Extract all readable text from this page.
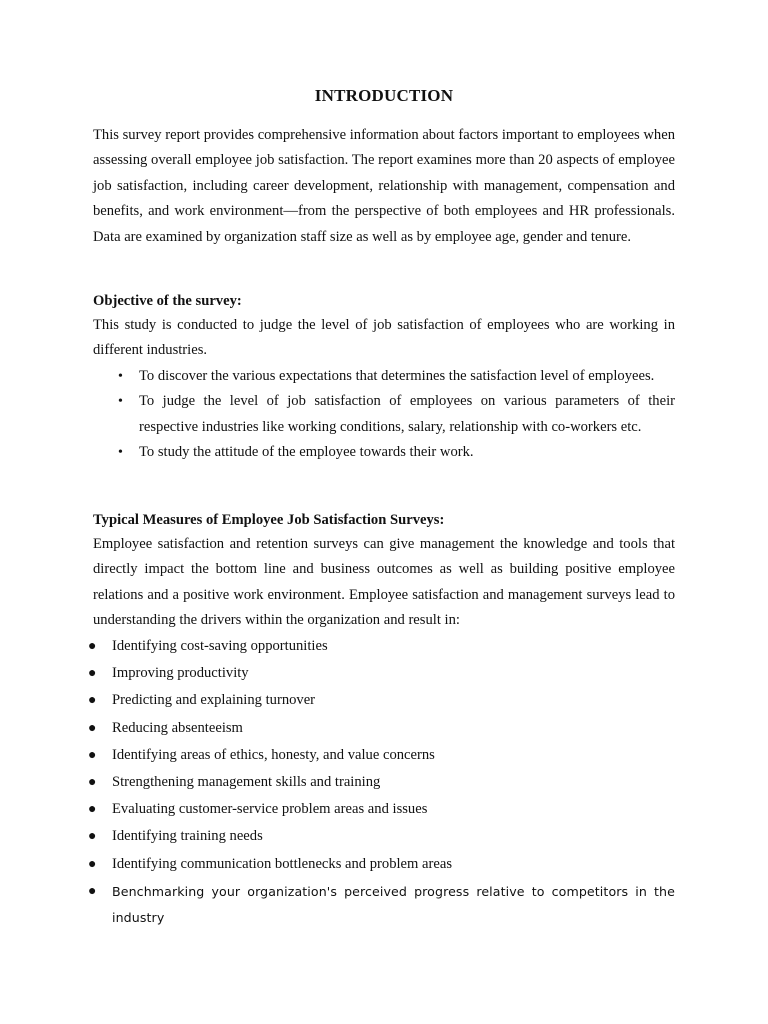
INTRODUCTION
This survey report provides comprehensive information about factors important to employees when assessing overall employee job satisfaction. The report examines more than 20 aspects of employee job satisfaction, including career development, relationship with management, compensation and benefits, and work environment—from the perspective of both employees and HR professionals. Data are examined by organization staff size as well as by employee age, gender and tenure.
Objective of the survey:
This study is conducted to judge the level of job satisfaction of employees who are working in different industries.
• To discover the various expectations that determines the satisfaction level of employees.
• To judge the level of job satisfaction of employees on various parameters of their respective industries like working conditions, salary, relationship with co-workers etc.
• To study the attitude of the employee towards their work.
Typical Measures of Employee Job Satisfaction Surveys:
Employee satisfaction and retention surveys can give management the knowledge and tools that directly impact the bottom line and business outcomes as well as building positive employee relations and a positive work environment. Employee satisfaction and management surveys lead to understanding the drivers within the organization and result in:
● Identifying cost-saving opportunities
● Improving productivity
● Predicting and explaining turnover
● Reducing absenteeism
● Identifying areas of ethics, honesty, and value concerns
● Strengthening management skills and training
● Evaluating customer-service problem areas and issues
● Identifying training needs
● Identifying communication bottlenecks and problem areas
● Benchmarking your organization's perceived progress relative to competitors in the industry
